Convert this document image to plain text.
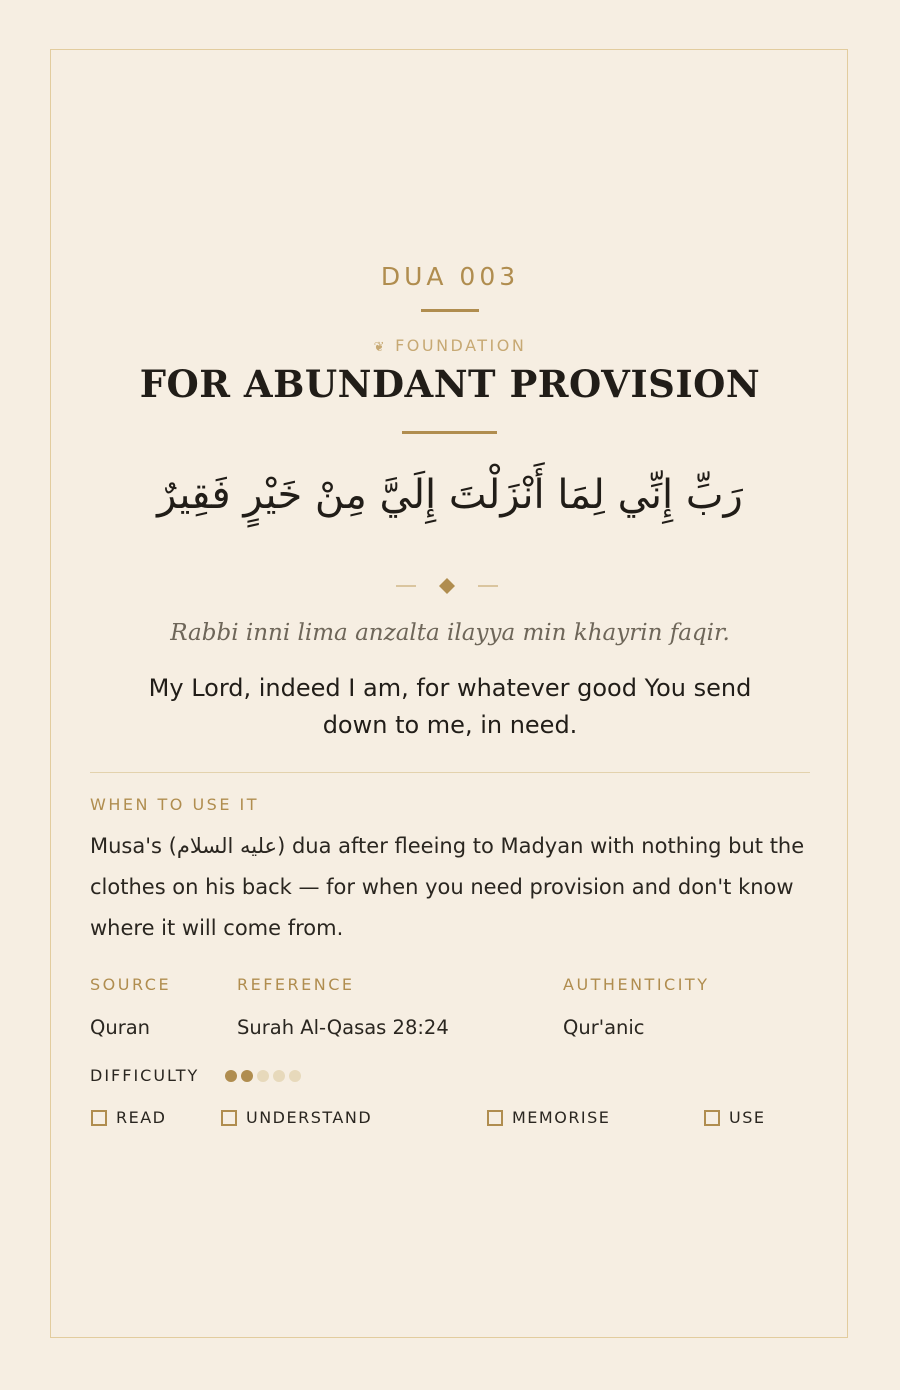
DUA 003
❦ FOUNDATION
FOR ABUNDANT PROVISION
رَبِّ إِنِّي لِمَا أَنْزَلْتَ إِلَيَّ مِنْ خَيْرٍ فَقِيرٌ
Rabbi inni lima anzalta ilayya min khayrin faqir.
My Lord, indeed I am, for whatever good You send down to me, in need.
WHEN TO USE IT
Musa's (عليه السلام) dua after fleeing to Madyan with nothing but the clothes on his back — for when you need provision and don't know where it will come from.
SOURCE	REFERENCE	AUTHENTICITY
Quran	Surah Al-Qasas 28:24	Qur'anic
DIFFICULTY
READ	UNDERSTAND	MEMORISE	USE
